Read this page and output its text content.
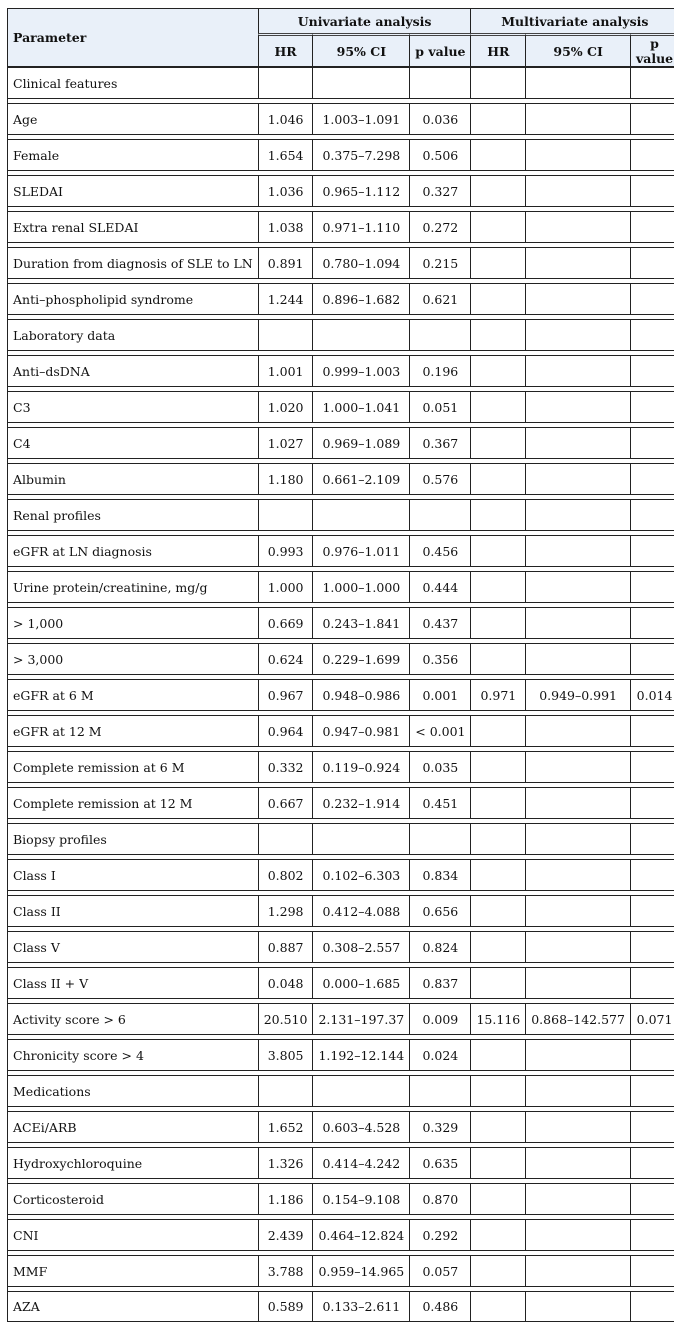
Parameter	Univariate analysis			Multivariate analysis		
	HR	95% CI	p value	HR	95% CI	p value
Clinical features						

Age	1.046	1.003–1.091	0.036			

Female	1.654	0.375–7.298	0.506			

SLEDAI	1.036	0.965–1.112	0.327			

Extra renal SLEDAI	1.038	0.971–1.110	0.272			

Duration from diagnosis of SLE to LN	0.891	0.780–1.094	0.215			

Anti–phospholipid syndrome	1.244	0.896–1.682	0.621			

Laboratory data						

Anti–dsDNA	1.001	0.999–1.003	0.196			

C3	1.020	1.000–1.041	0.051			

C4	1.027	0.969–1.089	0.367			

Albumin	1.180	0.661–2.109	0.576			

Renal profiles						

eGFR at LN diagnosis	0.993	0.976–1.011	0.456			

Urine protein/creatinine, mg/g	1.000	1.000–1.000	0.444			

> 1,000	0.669	0.243–1.841	0.437			

> 3,000	0.624	0.229–1.699	0.356			

eGFR at 6 M	0.967	0.948–0.986	0.001	0.971	0.949–0.991	0.014

eGFR at 12 M	0.964	0.947–0.981	< 0.001			

Complete remission at 6 M	0.332	0.119–0.924	0.035			

Complete remission at 12 M	0.667	0.232–1.914	0.451			

Biopsy profiles						

Class I	0.802	0.102–6.303	0.834			

Class II	1.298	0.412–4.088	0.656			

Class V	0.887	0.308–2.557	0.824			

Class II + V	0.048	0.000–1.685	0.837			

Activity score > 6	20.510	2.131–197.37	0.009	15.116	0.868–142.577	0.071

Chronicity score > 4	3.805	1.192–12.144	0.024			

Medications						

ACEi/ARB	1.652	0.603–4.528	0.329			

Hydroxychloroquine	1.326	0.414–4.242	0.635			

Corticosteroid	1.186	0.154–9.108	0.870			

CNI	2.439	0.464–12.824	0.292			

MMF	3.788	0.959–14.965	0.057			

AZA	0.589	0.133–2.611	0.486			
